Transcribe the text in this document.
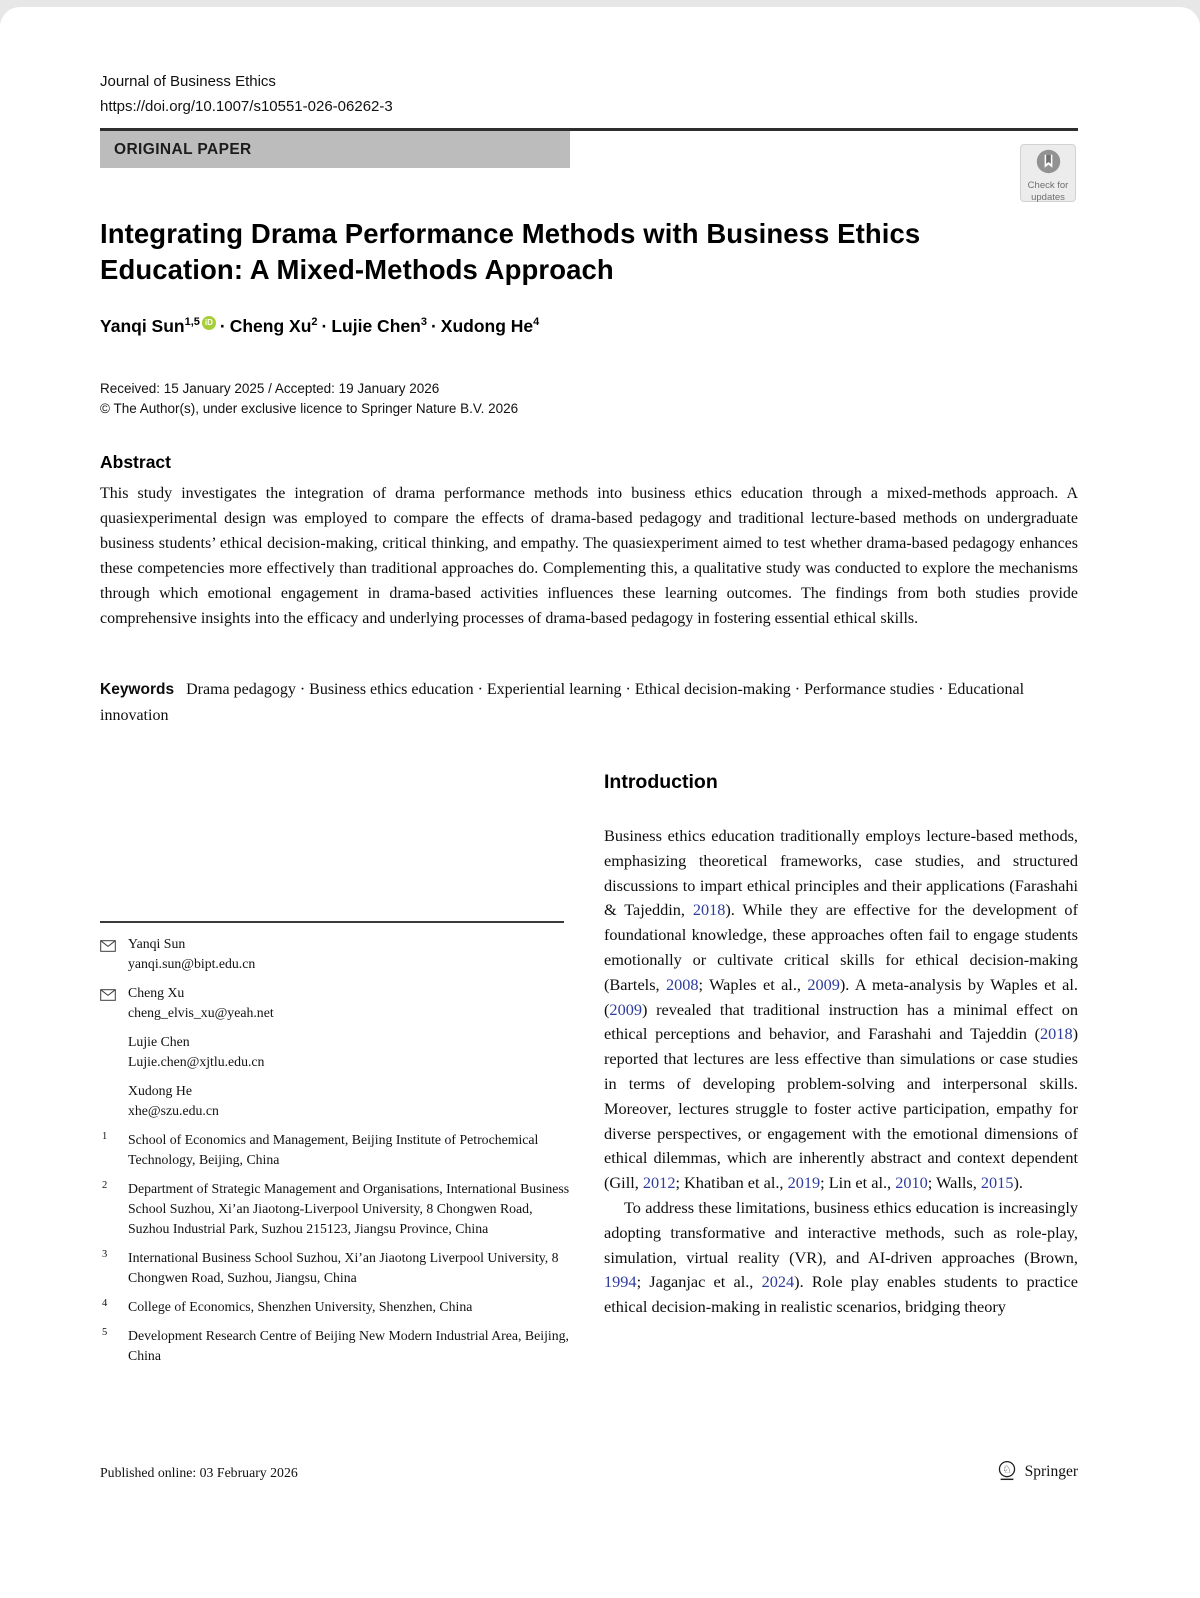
Journal of Business Ethics
https://doi.org/10.1007/s10551-026-06262-3
ORIGINAL PAPER
Check for
updates
Integrating Drama Performance Methods with Business Ethics Education: A Mixed-Methods Approach
Yanqi Sun$^{1,5}$ iD · Cheng $Xu^2$ · Lujie Chen$^3$ · Xudong He$^4$
Received: 15 January 2025 / Accepted: 19 January 2026
© The Author(s), under exclusive licence to Springer Nature B.V. 2026
Abstract
This study investigates the integration of drama performance methods into business ethics education through a mixed-methods approach. A quasiexperimental design was employed to compare the effects of drama-based pedagogy and traditional lecture-based methods on undergraduate business students’ ethical decision-making, critical thinking, and empathy. The quasiexperiment aimed to test whether drama-based pedagogy enhances these competencies more effectively than traditional approaches do. Complementing this, a qualitative study was conducted to explore the mechanisms through which emotional engagement in drama-based activities influences these learning outcomes. The findings from both studies provide comprehensive insights into the efficacy and underlying processes of drama-based pedagogy in fostering essential ethical skills.
Keywords Drama pedagogy · Business ethics education · Experiential learning · Ethical decision-making · Performance studies · Educational innovation
Introduction

Business ethics education traditionally employs lecture-based methods, emphasizing theoretical frameworks, case studies, and structured discussions to impart ethical principles and their applications (Farashahi & Tajeddin, 2018). While they are effective for the development of foundational knowledge, these approaches often fail to engage students emotionally or cultivate critical skills for ethical decision-making (Bartels, 2008; Waples et al., 2009). A meta-analysis by Waples et al. (2009) revealed that traditional instruction has a minimal effect on ethical perceptions and behavior, and Farashahi and Tajeddin (2018) reported that lectures are less effective than simulations or case studies in terms of developing problem-solving and interpersonal skills. Moreover, lectures struggle to foster active participation, empathy for diverse perspectives, or engagement with the emotional dimensions of ethical dilemmas, which are inherently abstract and context dependent (Gill, 2012; Khatiban et al., 2019; Lin et al., 2010; Walls, 2015).

To address these limitations, business ethics education is increasingly adopting transformative and interactive methods, such as role-play, simulation, virtual reality (VR), and AI-driven approaches (Brown, 1994; Jaganjac et al., 2024). Role play enables students to practice ethical decision-making in realistic scenarios, bridging theory

Yanqi Sun
yanqi.sun@bipt.edu.cn
Cheng Xu
cheng_elvis_xu@yeah.net
Lujie Chen
Lujie.chen@xjtlu.edu.cn
Xudong He
xhe@szu.edu.cn
1 School of Economics and Management, Beijing Institute of Petrochemical Technology, Beijing, China
2 Department of Strategic Management and Organisations, International Business School Suzhou, Xi’an Jiaotong-Liverpool University, 8 Chongwen Road, Suzhou Industrial Park, Suzhou 215123, Jiangsu Province, China
3 International Business School Suzhou, Xi’an Jiaotong Liverpool University, 8 Chongwen Road, Suzhou, Jiangsu, China
4 College of Economics, Shenzhen University, Shenzhen, China
5 Development Research Centre of Beijing New Modern Industrial Area, Beijing, China
Published online: 03 February 2026	♘ Springer
